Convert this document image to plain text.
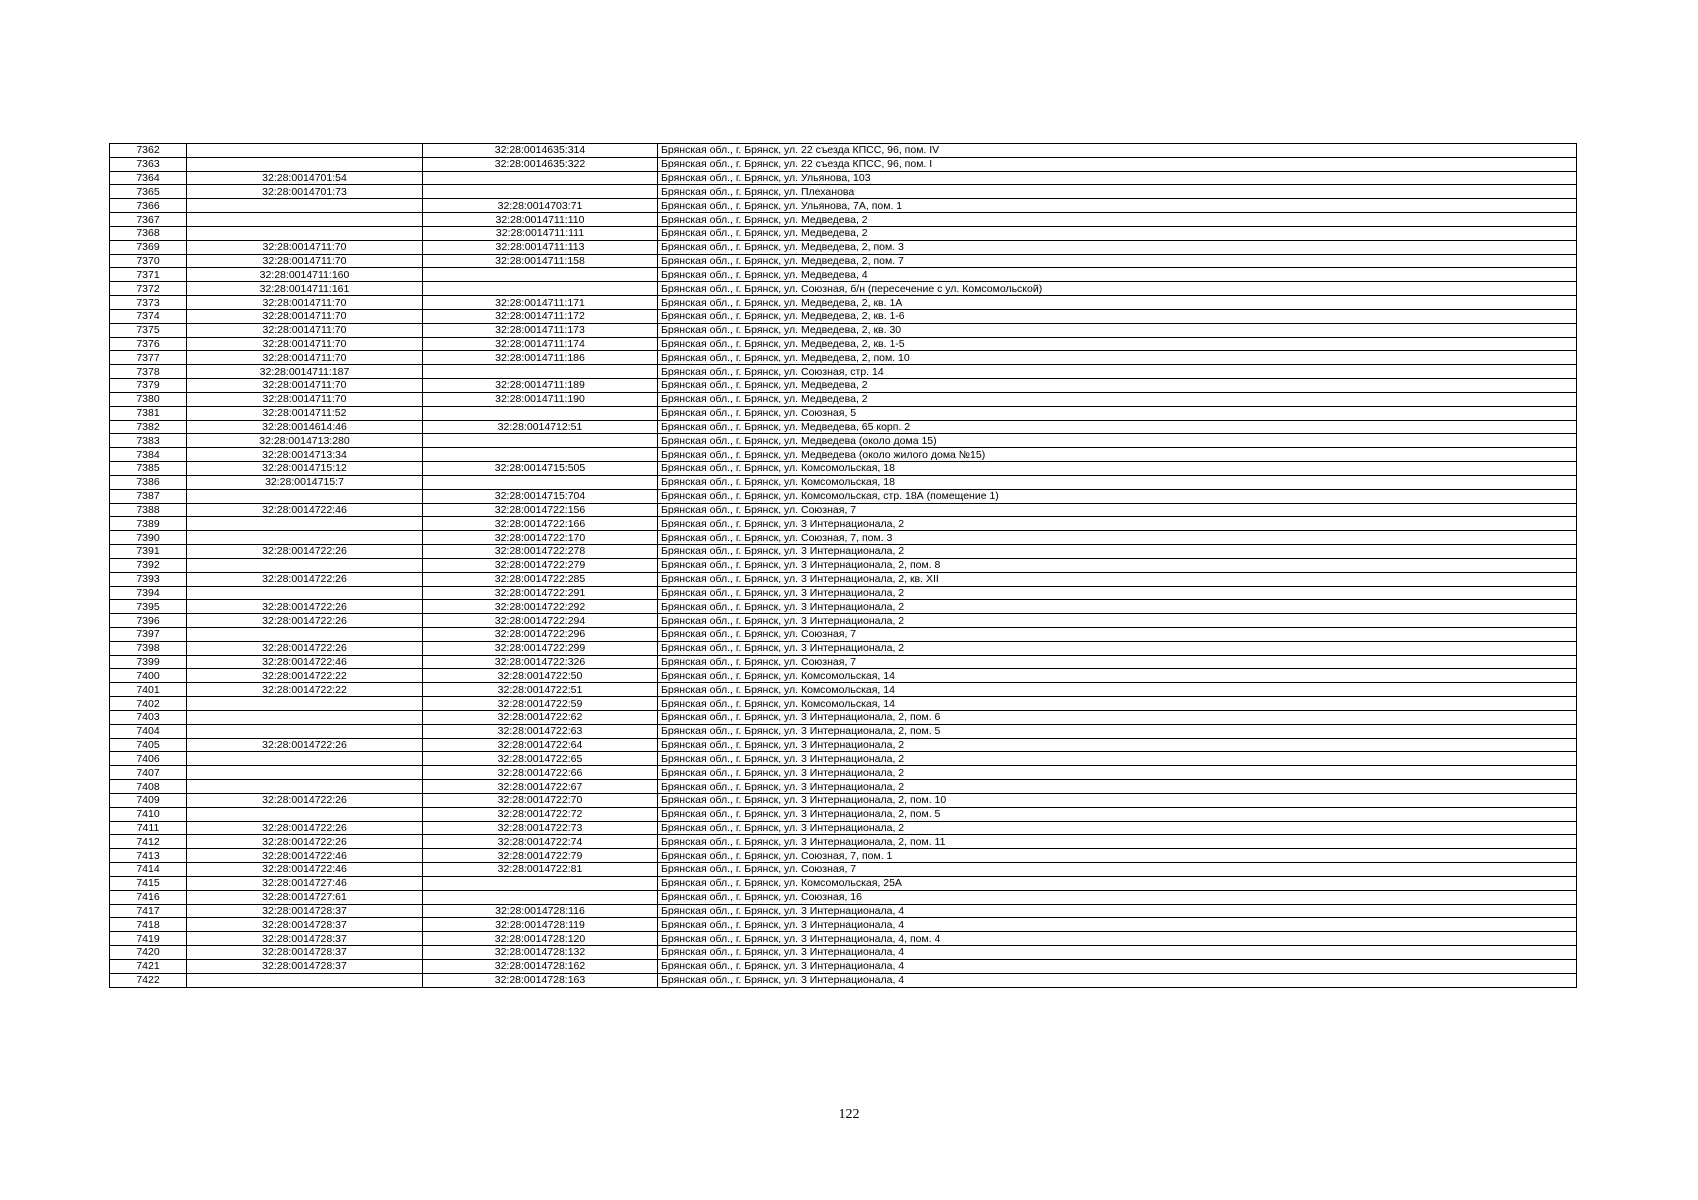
7362		32:28:0014635:314	Брянская обл., г. Брянск, ул. 22 съезда КПСС, 96, пом. IV
7363		32:28:0014635:322	Брянская обл., г. Брянск, ул. 22 съезда КПСС, 96, пом. I
7364	32:28:0014701:54		Брянская обл., г. Брянск, ул. Ульянова, 103
7365	32:28:0014701:73		Брянская обл., г. Брянск, ул. Плеханова
7366		32:28:0014703:71	Брянская обл., г. Брянск, ул. Ульянова, 7А, пом. 1
7367		32:28:0014711:110	Брянская обл., г. Брянск, ул. Медведева, 2
7368		32:28:0014711:111	Брянская обл., г. Брянск, ул. Медведева, 2
7369	32:28:0014711:70	32:28:0014711:113	Брянская обл., г. Брянск, ул. Медведева, 2, пом. 3
7370	32:28:0014711:70	32:28:0014711:158	Брянская обл., г. Брянск, ул. Медведева, 2, пом. 7
7371	32:28:0014711:160		Брянская обл., г. Брянск, ул. Медведева, 4
7372	32:28:0014711:161		Брянская обл., г. Брянск, ул. Союзная, б/н (пересечение с ул. Комсомольской)
7373	32:28:0014711:70	32:28:0014711:171	Брянская обл., г. Брянск, ул. Медведева, 2, кв. 1А
7374	32:28:0014711:70	32:28:0014711:172	Брянская обл., г. Брянск, ул. Медведева, 2, кв. 1-6
7375	32:28:0014711:70	32:28:0014711:173	Брянская обл., г. Брянск, ул. Медведева, 2, кв. 30
7376	32:28:0014711:70	32:28:0014711:174	Брянская обл., г. Брянск, ул. Медведева, 2, кв. 1-5
7377	32:28:0014711:70	32:28:0014711:186	Брянская обл., г. Брянск, ул. Медведева, 2, пом. 10
7378	32:28:0014711:187		Брянская обл., г. Брянск, ул. Союзная, стр. 14
7379	32:28:0014711:70	32:28:0014711:189	Брянская обл., г. Брянск, ул. Медведева, 2
7380	32:28:0014711:70	32:28:0014711:190	Брянская обл., г. Брянск, ул. Медведева, 2
7381	32:28:0014711:52		Брянская обл., г. Брянск, ул. Союзная, 5
7382	32:28:0014614:46	32:28:0014712:51	Брянская обл., г. Брянск, ул. Медведева, 65 корп. 2
7383	32:28:0014713:280		Брянская обл., г. Брянск, ул. Медведева (около дома 15)
7384	32:28:0014713:34		Брянская обл., г. Брянск, ул. Медведева (около жилого дома №15)
7385	32:28:0014715:12	32:28:0014715:505	Брянская обл., г. Брянск, ул. Комсомольская, 18
7386	32:28:0014715:7		Брянская обл., г. Брянск, ул. Комсомольская, 18
7387		32:28:0014715:704	Брянская обл., г. Брянск, ул. Комсомольская, стр. 18А (помещение 1)
7388	32:28:0014722:46	32:28:0014722:156	Брянская обл., г. Брянск, ул. Союзная, 7
7389		32:28:0014722:166	Брянская обл., г. Брянск, ул. 3 Интернационала, 2
7390		32:28:0014722:170	Брянская обл., г. Брянск, ул. Союзная, 7, пом. 3
7391	32:28:0014722:26	32:28:0014722:278	Брянская обл., г. Брянск, ул. 3 Интернационала, 2
7392		32:28:0014722:279	Брянская обл., г. Брянск, ул. 3 Интернационала, 2, пом. 8
7393	32:28:0014722:26	32:28:0014722:285	Брянская обл., г. Брянск, ул. 3 Интернационала, 2, кв. XII
7394		32:28:0014722:291	Брянская обл., г. Брянск, ул. 3 Интернационала, 2
7395	32:28:0014722:26	32:28:0014722:292	Брянская обл., г. Брянск, ул. 3 Интернационала, 2
7396	32:28:0014722:26	32:28:0014722:294	Брянская обл., г. Брянск, ул. 3 Интернационала, 2
7397		32:28:0014722:296	Брянская обл., г. Брянск, ул. Союзная, 7
7398	32:28:0014722:26	32:28:0014722:299	Брянская обл., г. Брянск, ул. 3 Интернационала, 2
7399	32:28:0014722:46	32:28:0014722:326	Брянская обл., г. Брянск, ул. Союзная, 7
7400	32:28:0014722:22	32:28:0014722:50	Брянская обл., г. Брянск, ул. Комсомольская, 14
7401	32:28:0014722:22	32:28:0014722:51	Брянская обл., г. Брянск, ул. Комсомольская, 14
7402		32:28:0014722:59	Брянская обл., г. Брянск, ул. Комсомольская, 14
7403		32:28:0014722:62	Брянская обл., г. Брянск, ул. 3 Интернационала, 2, пом. 6
7404		32:28:0014722:63	Брянская обл., г. Брянск, ул. 3 Интернационала, 2, пом. 5
7405	32:28:0014722:26	32:28:0014722:64	Брянская обл., г. Брянск, ул. 3 Интернационала, 2
7406		32:28:0014722:65	Брянская обл., г. Брянск, ул. 3 Интернационала, 2
7407		32:28:0014722:66	Брянская обл., г. Брянск, ул. 3 Интернационала, 2
7408		32:28:0014722:67	Брянская обл., г. Брянск, ул. 3 Интернационала, 2
7409	32:28:0014722:26	32:28:0014722:70	Брянская обл., г. Брянск, ул. 3 Интернационала, 2, пом. 10
7410		32:28:0014722:72	Брянская обл., г. Брянск, ул. 3 Интернационала, 2, пом. 5
7411	32:28:0014722:26	32:28:0014722:73	Брянская обл., г. Брянск, ул. 3 Интернационала, 2
7412	32:28:0014722:26	32:28:0014722:74	Брянская обл., г. Брянск, ул. 3 Интернационала, 2, пом. 11
7413	32:28:0014722:46	32:28:0014722:79	Брянская обл., г. Брянск, ул. Союзная, 7, пом. 1
7414	32:28:0014722:46	32:28:0014722:81	Брянская обл., г. Брянск, ул. Союзная, 7
7415	32:28:0014727:46		Брянская обл., г. Брянск, ул. Комсомольская, 25А
7416	32:28:0014727:61		Брянская обл., г. Брянск, ул. Союзная, 16
7417	32:28:0014728:37	32:28:0014728:116	Брянская обл., г. Брянск, ул. 3 Интернационала, 4
7418	32:28:0014728:37	32:28:0014728:119	Брянская обл., г. Брянск, ул. 3 Интернационала, 4
7419	32:28:0014728:37	32:28:0014728:120	Брянская обл., г. Брянск, ул. 3 Интернационала, 4, пом. 4
7420	32:28:0014728:37	32:28:0014728:132	Брянская обл., г. Брянск, ул. 3 Интернационала, 4
7421	32:28:0014728:37	32:28:0014728:162	Брянская обл., г. Брянск, ул. 3 Интернационала, 4
7422		32:28:0014728:163	Брянская обл., г. Брянск, ул. 3 Интернационала, 4
122
